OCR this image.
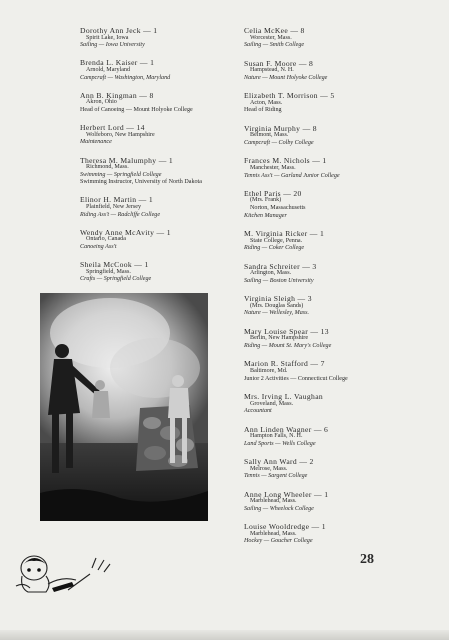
Dorothy Ann Jeck — 1
Spirit Lake, Iowa
Sailing — Iowa University
Brenda L. Kaiser — 1
Arnold, Maryland
Campcraft — Washington, Maryland
Ann B. Kingman — 8
Akron, Ohio
Head of Canoeing — Mount Holyoke College
Herbert Lord — 14
Wolfeboro, New Hampshire
Maintenance
Theresa M. Malumphy — 1
Richmond, Mass.
Swimming — Springfield College
Swimming Instructor, University of North Dakota
Elinor H. Martin — 1
Plainfield, New Jersey
Riding Ass't — Radcliffe College
Wendy Anne McAvity — 1
Ontario, Canada
Canoeing Ass't
Sheila McCook — 1
Springfield, Mass.
Crafts — Springfield College
Celia McKee — 8
Worcester, Mass.
Sailing — Smith College
Susan F. Moore — 8
Hampstead, N. H.
Nature — Mount Holyoke College
Elizabeth T. Morrison — 5
Acton, Mass.
Head of Riding
Virginia Murphy — 8
Belmont, Mass.
Campcraft — Colby College
Frances M. Nichols — 1
Manchester, Mass.
Tennis Ass't — Garland Junior College
Ethel Paris — 20
(Mrs. Frank)
Norton, Massachusetts
Kitchen Manager
M. Virginia Ricker — 1
State College, Penna.
Riding — Coker College
Sandra Schreiter — 3
Arlington, Mass.
Sailing — Boston University
Virginia Sleigh — 3
(Mrs. Douglas Sands)
Nature — Wellesley, Mass.
Mary Louise Spear — 13
Berlin, New Hampshire
Riding — Mount St. Mary's College
Marion R. Stafford — 7
Baltimore, Md.
Junior 2 Activities — Connecticut College
Mrs. Irving L. Vaughan
Groveland, Mass.
Accountant
Ann Linden Wagner — 6
Hampton Falls, N. H.
Land Sports — Wells College
Sally Ann Ward — 2
Melrose, Mass.
Tennis — Sargent College
Anne Long Wheeler — 1
Marblehead, Mass.
Sailing — Wheelock College
Louise Wooldredge — 1
Marblehead, Mass.
Hockey — Goucher College
28
